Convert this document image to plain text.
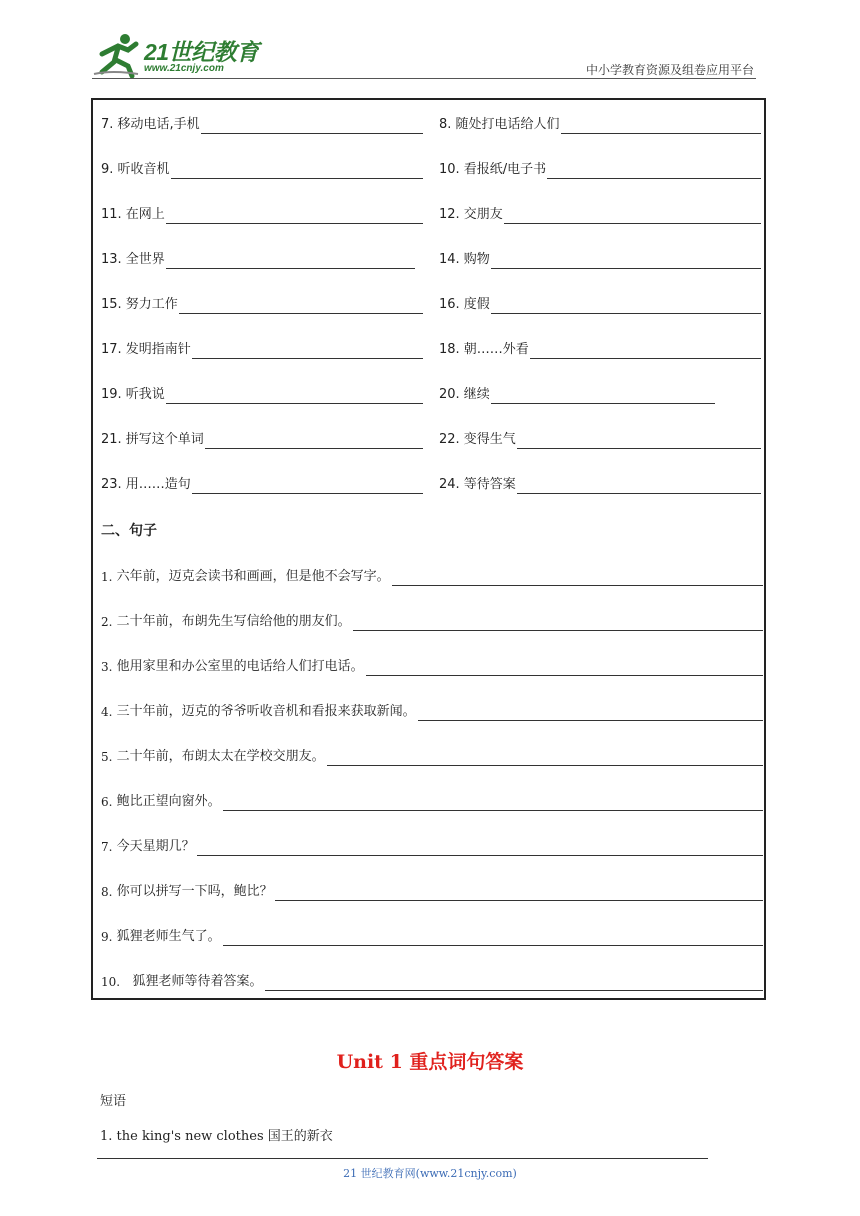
21世纪教育
www.21cnjy.com	中小学教育资源及组卷应用平台
7. 移动电话,手机	8. 随处打电话给人们
9. 听收音机	10. 看报纸/电子书
11. 在网上	12. 交朋友
13. 全世界	14. 购物
15. 努力工作	16. 度假
17. 发明指南针	18. 朝……外看
19. 听我说	20. 继续
21. 拼写这个单词	22. 变得生气
23. 用……造句	24. 等待答案
二、句子
1.
六年前，迈克会读书和画画，但是他不会写字。
2.
二十年前，布朗先生写信给他的朋友们。
3.
他用家里和办公室里的电话给人们打电话。
4.
三十年前，迈克的爷爷听收音机和看报来获取新闻。
5.
二十年前，布朗太太在学校交朋友。
6.
鲍比正望向窗外。
7.
今天星期几？
8.
你可以拼写一下吗，鲍比？
9.
狐狸老师生气了。
10.
狐狸老师等待着答案。
Unit 1 重点词句答案
短语
1. the king's new clothes 国王的新衣
21 世纪教育网(www.21cnjy.com)
